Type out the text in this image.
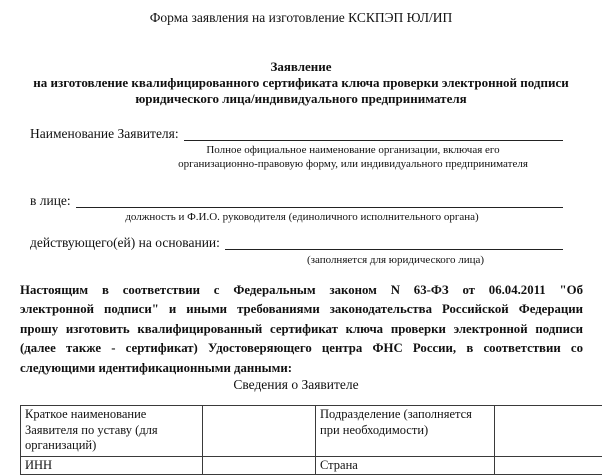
Форма заявления на изготовление КСКПЭП ЮЛ/ИП
Заявление
на изготовление квалифицированного сертификата ключа проверки электронной подписи
юридического лица/индивидуального предпринимателя
Наименование Заявителя:
Полное официальное наименование организации, включая его
организационно-правовую форму, или индивидуального предпринимателя
в лице:
должность и Ф.И.О. руководителя (единоличного исполнительного органа)
действующего(ей) на основании:
(заполняется для юридического лица)
Настоящим в соответствии с Федеральным законом N 63-ФЗ от 06.04.2011 "Об
электронной подписи" и иными требованиями законодательства Российской Федерации
прошу изготовить квалифицированный сертификат ключа проверки электронной подписи
(далее также - сертификат) Удостоверяющего центра ФНС России, в соответствии со
следующими идентификационными данными:
Сведения о Заявителе
Краткое наименование Заявителя по уставу (для организаций)		Подразделение (заполняется при необходимости)	
ИНН		Страна	
